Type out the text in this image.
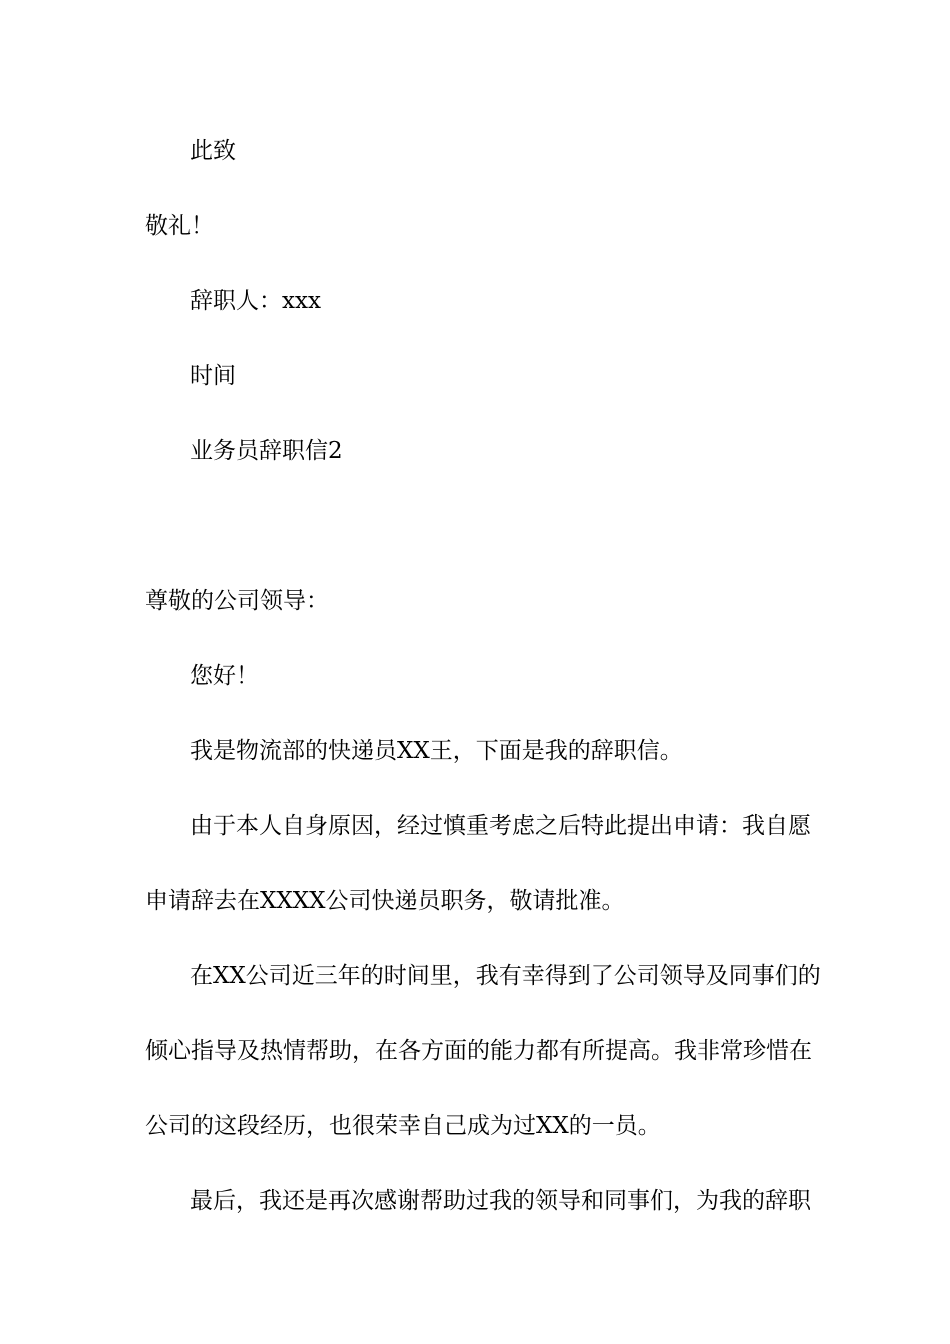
此致
敬礼！
辞职人：xxx
时间
业务员辞职信2
尊敬的公司领导：
您好！
我是物流部的快递员XX王，下面是我的辞职信。
由于本人自身原因，经过慎重考虑之后特此提出申请：我自愿
申请辞去在XXXX公司快递员职务，敬请批准。
在XX公司近三年的时间里，我有幸得到了公司领导及同事们的
倾心指导及热情帮助，在各方面的能力都有所提高。我非常珍惜在
公司的这段经历，也很荣幸自己成为过XX的一员。
最后，我还是再次感谢帮助过我的领导和同事们，为我的辞职
